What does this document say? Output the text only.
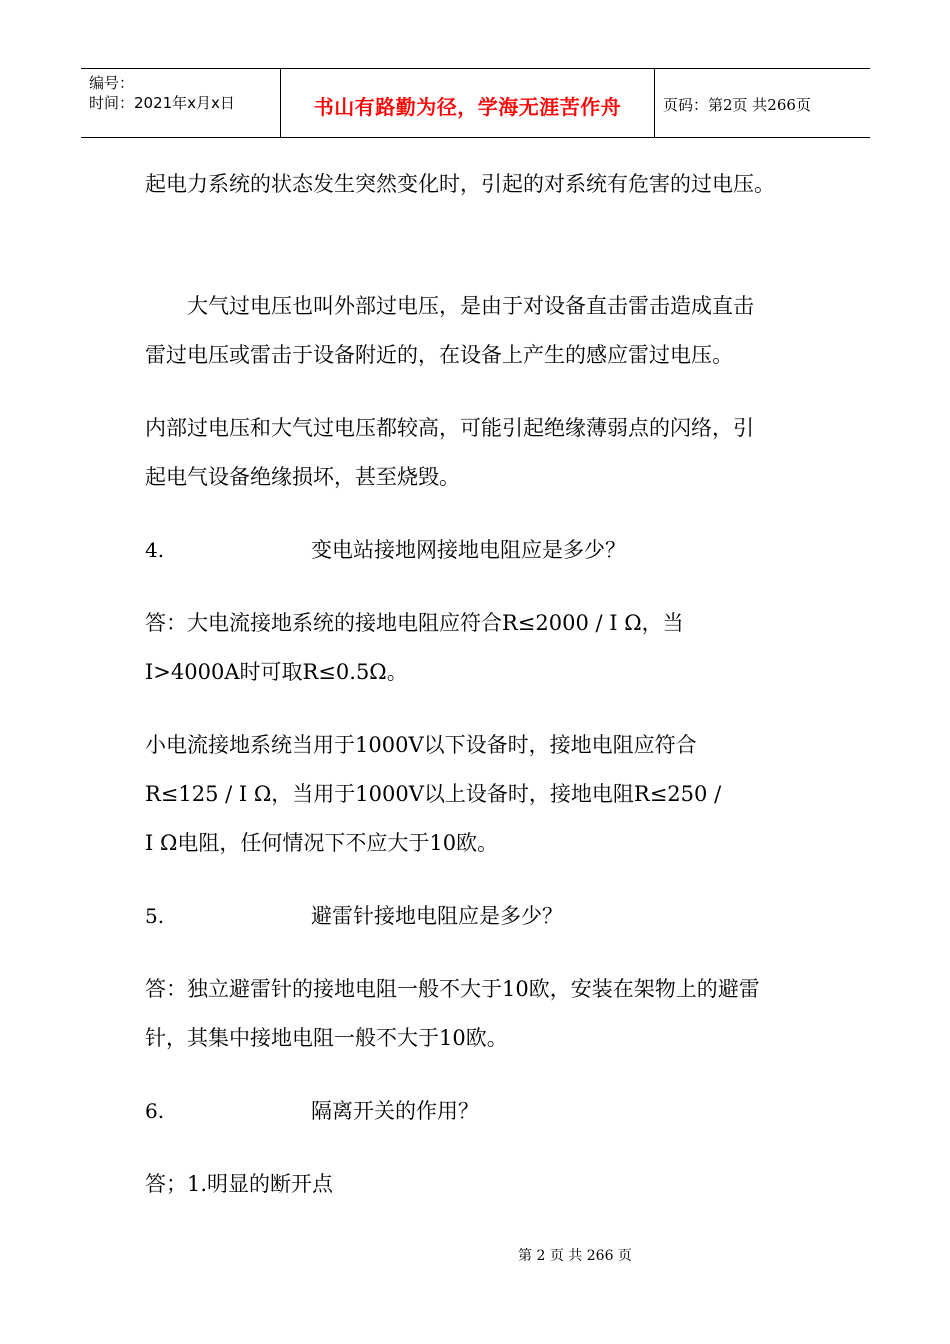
编号：
时间：2021年x月x日	书山有路勤为径，学海无涯苦作舟	页码：第2页 共266页

起电力系统的状态发生突然变化时，引起的对系统有危害的过电压。

大气过电压也叫外部过电压，是由于对设备直击雷击造成直击

雷过电压或雷击于设备附近的，在设备上产生的感应雷过电压。

内部过电压和大气过电压都较高，可能引起绝缘薄弱点的闪络，引

起电气设备绝缘损坏，甚至烧毁。

4.	变电站接地网接地电阻应是多少？

答：大电流接地系统的接地电阻应符合R≤2000 / I Ω，当

I>4000A时可取R≤0.5Ω。

小电流接地系统当用于1000V以下设备时，接地电阻应符合

R≤125 / I Ω，当用于1000V以上设备时，接地电阻R≤250 /

I Ω电阻，任何情况下不应大于10欧。

5.	避雷针接地电阻应是多少？

答：独立避雷针的接地电阻一般不大于10欧，安装在架物上的避雷

针，其集中接地电阻一般不大于10欧。

6.	隔离开关的作用？

答；1.明显的断开点

第 2 页 共 266 页
